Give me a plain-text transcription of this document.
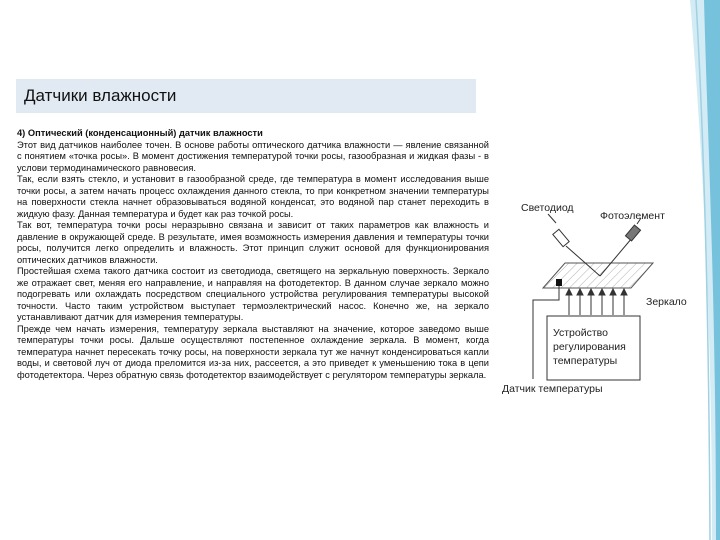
Датчики влажности

4) Оптический (конденсационный) датчик влажности

Этот вид датчиков наиболее точен. В основе работы оптического датчика влажности — явление связанной с понятием «точка росы». В момент достижения температурой точки росы, газообразная и жидкая фазы - в услови термодинамического равновесия.

Так, если взять стекло, и установит в газообразной среде, где температура в момент исследования выше точки росы, а затем начать процесс охлаждения данного стекла, то при конкретном значении температуры на поверхности стекла начнет образовываться водяной конденсат, это водяной пар станет переходить в жидкую фазу. Данная температура и будет как раз точкой росы.

Так вот, температура точки росы неразрывно связана и зависит от таких параметров как влажность и давление в окружающей среде. В результате, имея возможность измерения давления и температуры точки росы, получится легко определить и влажность. Этот принцип служит основой для функционирования оптических датчиков влажности.

Простейшая схема такого датчика состоит из светодиода, светящего на зеркальную поверхность. Зеркало же отражает свет, меняя его направление, и направляя на фотодетектор. В данном случае зеркало можно подогревать или охлаждать посредством специального устройства регулирования температуры высокой точности. Часто таким устройством выступает термоэлектрический насос. Конечно же, на зеркало устанавливают датчик для измерения температуры.

Прежде чем начать измерения, температуру зеркала выставляют на значение, которое заведомо выше температуры точки росы. Дальше осуществляют постепенное охлаждение зеркала. В момент, когда температура начнет пересекать точку росы, на поверхности зеркала тут же начнут конденсироваться капли воды, и световой луч от диода преломится из-за них, рассеется, а это приведет к уменьшению тока в цепи фотодетектора. Через обратную связь фотодетектор взаимодействует с регулятором температуры зеркала.

Светодиод
Фотоэлемент
Зеркало
Устройство
регулирования
температуры
Датчик температуры
